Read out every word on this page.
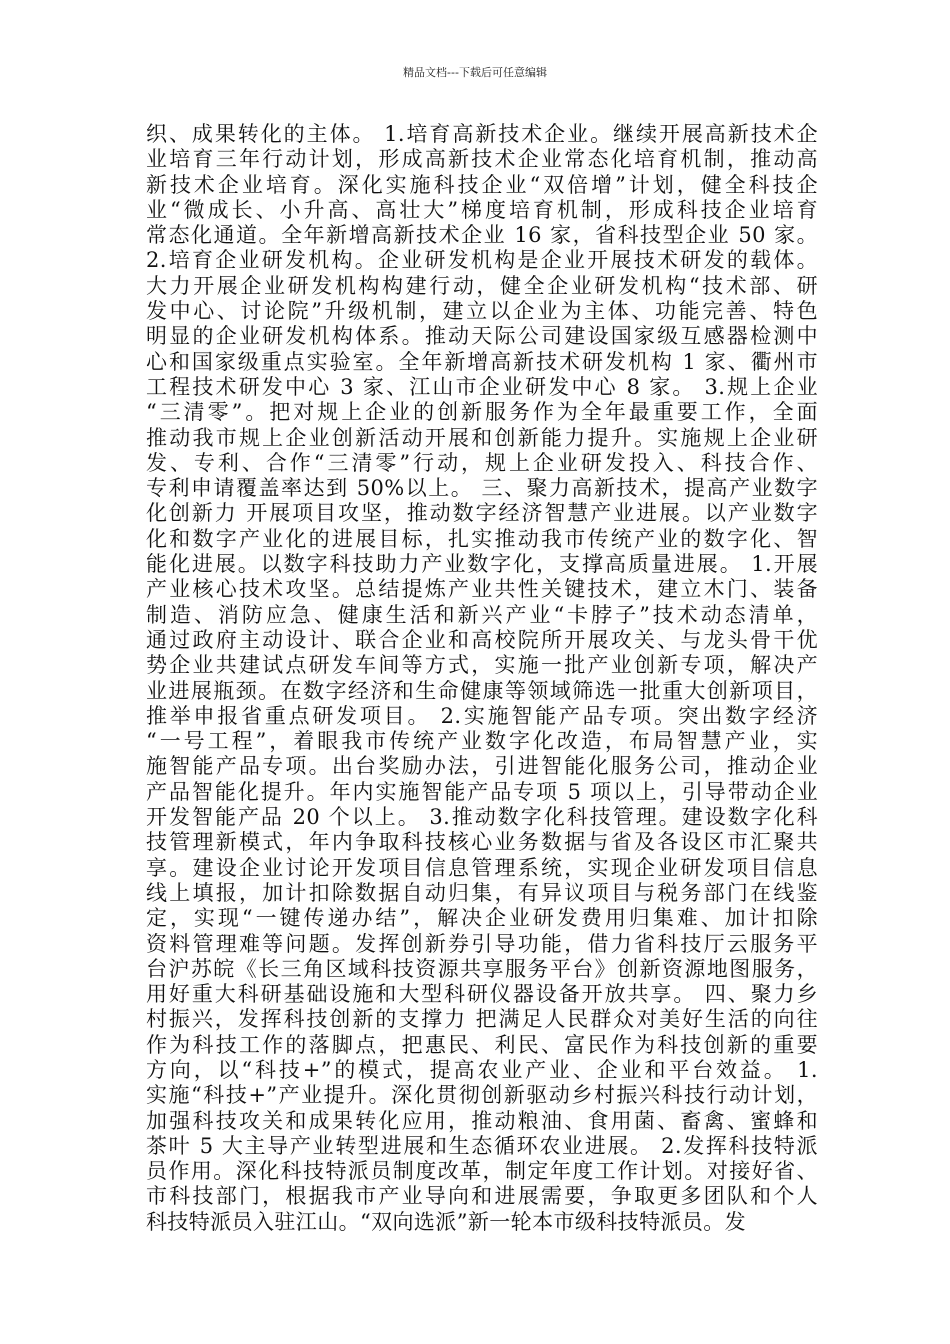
精品文档---下载后可任意编辑
织、成果转化的主体。 1.培育高新技术企业。继续开展高新技术企
业培育三年行动计划，形成高新技术企业常态化培育机制，推动高
新技术企业培育。深化实施科技企业“双倍增”计划，健全科技企
业“微成长、小升高、高壮大”梯度培育机制，形成科技企业培育
常态化通道。全年新增高新技术企业 16 家，省科技型企业 50 家。
2.培育企业研发机构。企业研发机构是企业开展技术研发的载体。
大力开展企业研发机构构建行动，健全企业研发机构“技术部、研
发中心、讨论院”升级机制，建立以企业为主体、功能完善、特色
明显的企业研发机构体系。推动天际公司建设国家级互感器检测中
心和国家级重点实验室。全年新增高新技术研发机构 1 家、衢州市
工程技术研发中心 3 家、江山市企业研发中心 8 家。 3.规上企业
“三清零”。把对规上企业的创新服务作为全年最重要工作，全面
推动我市规上企业创新活动开展和创新能力提升。实施规上企业研
发、专利、合作“三清零”行动，规上企业研发投入、科技合作、
专利申请覆盖率达到 50%以上。 三、聚力高新技术，提高产业数字
化创新力 开展项目攻坚，推动数字经济智慧产业进展。以产业数字
化和数字产业化的进展目标，扎实推动我市传统产业的数字化、智
能化进展。以数字科技助力产业数字化，支撑高质量进展。 1.开展
产业核心技术攻坚。总结提炼产业共性关键技术，建立木门、装备
制造、消防应急、健康生活和新兴产业“卡脖子”技术动态清单，
通过政府主动设计、联合企业和高校院所开展攻关、与龙头骨干优
势企业共建试点研发车间等方式，实施一批产业创新专项，解决产
业进展瓶颈。在数字经济和生命健康等领域筛选一批重大创新项目，
推举申报省重点研发项目。 2.实施智能产品专项。突出数字经济
“一号工程”，着眼我市传统产业数字化改造，布局智慧产业，实
施智能产品专项。出台奖励办法，引进智能化服务公司，推动企业
产品智能化提升。年内实施智能产品专项 5 项以上，引导带动企业
开发智能产品 20 个以上。 3.推动数字化科技管理。建设数字化科
技管理新模式，年内争取科技核心业务数据与省及各设区市汇聚共
享。建设企业讨论开发项目信息管理系统，实现企业研发项目信息
线上填报，加计扣除数据自动归集，有异议项目与税务部门在线鉴
定，实现“一键传递办结”，解决企业研发费用归集难、加计扣除
资料管理难等问题。发挥创新券引导功能，借力省科技厅云服务平
台沪苏皖《长三角区域科技资源共享服务平台》创新资源地图服务，
用好重大科研基础设施和大型科研仪器设备开放共享。 四、聚力乡
村振兴，发挥科技创新的支撑力 把满足人民群众对美好生活的向往
作为科技工作的落脚点，把惠民、利民、富民作为科技创新的重要
方向，以“科技+”的模式，提高农业产业、企业和平台效益。 1.
实施“科技+”产业提升。深化贯彻创新驱动乡村振兴科技行动计划，
加强科技攻关和成果转化应用，推动粮油、食用菌、畜禽、蜜蜂和
茶叶 5 大主导产业转型进展和生态循环农业进展。 2.发挥科技特派
员作用。深化科技特派员制度改革，制定年度工作计划。对接好省、
市科技部门，根据我市产业导向和进展需要，争取更多团队和个人
科技特派员入驻江山。“双向选派”新一轮本市级科技特派员。发
